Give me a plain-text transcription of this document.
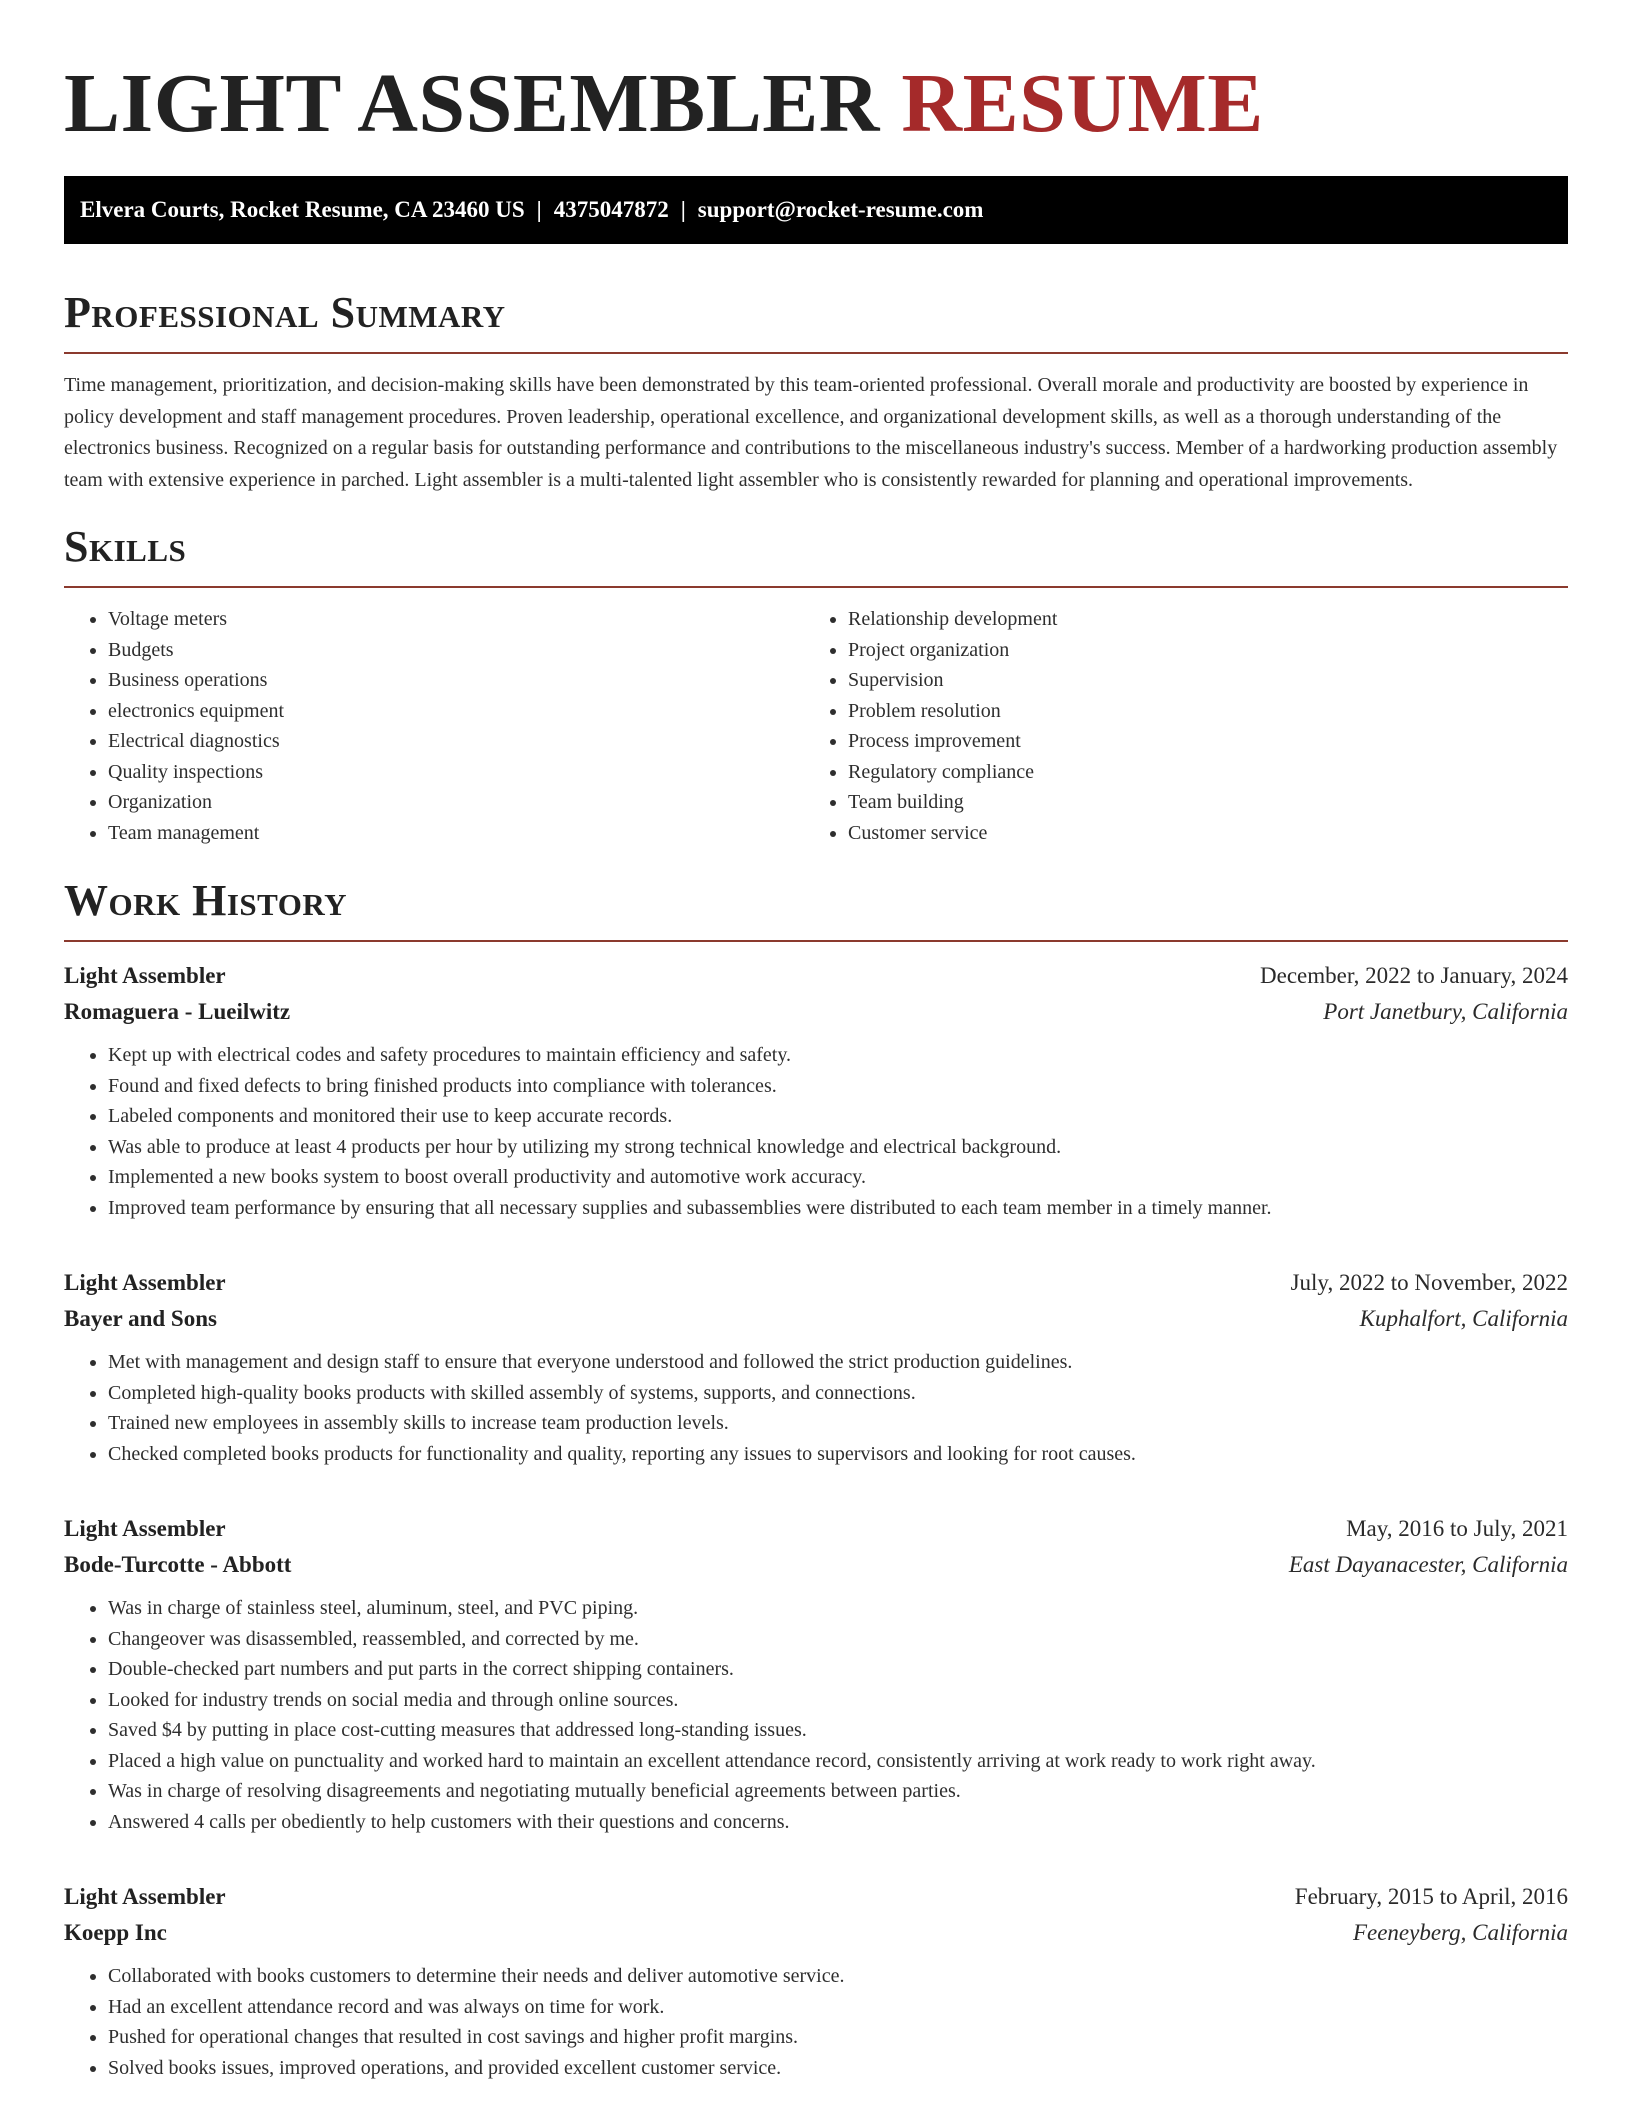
LIGHT ASSEMBLER RESUME
Elvera Courts, Rocket Resume, CA 23460 US | 4375047872 | support@rocket-resume.com
Professional Summary

Time management, prioritization, and decision-making skills have been demonstrated by this team-oriented professional. Overall morale and productivity are boosted by experience in policy development and staff management procedures. Proven leadership, operational excellence, and organizational development skills, as well as a thorough understanding of the electronics business. Recognized on a regular basis for outstanding performance and contributions to the miscellaneous industry's success. Member of a hardworking production assembly team with extensive experience in parched. Light assembler is a multi-talented light assembler who is consistently rewarded for planning and operational improvements.

Skills
• Voltage meters
• Budgets
• Business operations
• electronics equipment
• Electrical diagnostics
• Quality inspections
• Organization
• Team management
• Relationship development
• Project organization
• Supervision
• Problem resolution
• Process improvement
• Regulatory compliance
• Team building
• Customer service
Work History
Light Assembler	December, 2022 to January, 2024
Romaguera - Lueilwitz	Port Janetbury, California
• Kept up with electrical codes and safety procedures to maintain efficiency and safety.
• Found and fixed defects to bring finished products into compliance with tolerances.
• Labeled components and monitored their use to keep accurate records.
• Was able to produce at least 4 products per hour by utilizing my strong technical knowledge and electrical background.
• Implemented a new books system to boost overall productivity and automotive work accuracy.
• Improved team performance by ensuring that all necessary supplies and subassemblies were distributed to each team member in a timely manner.
Light Assembler	July, 2022 to November, 2022
Bayer and Sons	Kuphalfort, California
• Met with management and design staff to ensure that everyone understood and followed the strict production guidelines.
• Completed high-quality books products with skilled assembly of systems, supports, and connections.
• Trained new employees in assembly skills to increase team production levels.
• Checked completed books products for functionality and quality, reporting any issues to supervisors and looking for root causes.
Light Assembler	May, 2016 to July, 2021
Bode-Turcotte - Abbott	East Dayanacester, California
• Was in charge of stainless steel, aluminum, steel, and PVC piping.
• Changeover was disassembled, reassembled, and corrected by me.
• Double-checked part numbers and put parts in the correct shipping containers.
• Looked for industry trends on social media and through online sources.
• Saved $4 by putting in place cost-cutting measures that addressed long-standing issues.
• Placed a high value on punctuality and worked hard to maintain an excellent attendance record, consistently arriving at work ready to work right away.
• Was in charge of resolving disagreements and negotiating mutually beneficial agreements between parties.
• Answered 4 calls per obediently to help customers with their questions and concerns.
Light Assembler	February, 2015 to April, 2016
Koepp Inc	Feeneyberg, California
• Collaborated with books customers to determine their needs and deliver automotive service.
• Had an excellent attendance record and was always on time for work.
• Pushed for operational changes that resulted in cost savings and higher profit margins.
• Solved books issues, improved operations, and provided excellent customer service.
